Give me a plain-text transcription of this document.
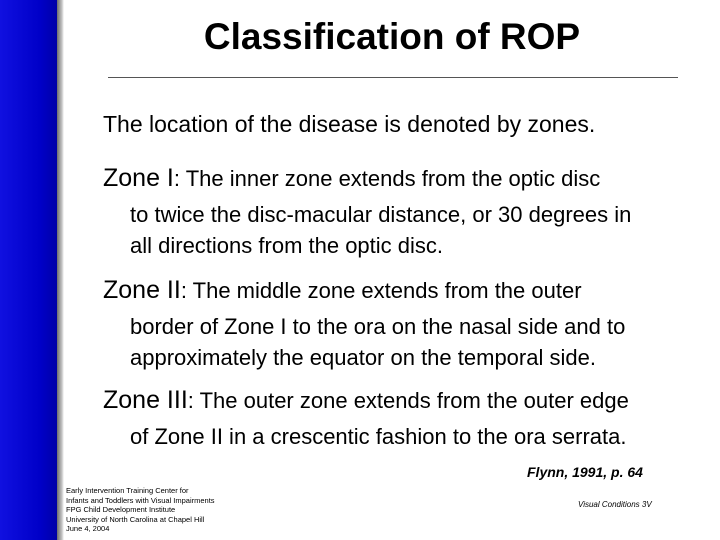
Classification of ROP
The location of the disease is denoted by zones.
Zone I: The inner zone extends from the optic disc
to twice the disc-macular distance, or 30 degrees in
all directions from the optic disc.
Zone II: The middle zone extends from the outer
border of Zone I to the ora on the nasal side and to
approximately the equator on the temporal side.
Zone III: The outer zone extends from the outer edge
of Zone II in a crescentic fashion to the ora serrata.
Flynn, 1991, p. 64
Early Intervention Training Center for
Infants and Toddlers with Visual Impairments
FPG Child Development Institute
University of North Carolina at Chapel Hill
June 4, 2004
Visual Conditions 3V
